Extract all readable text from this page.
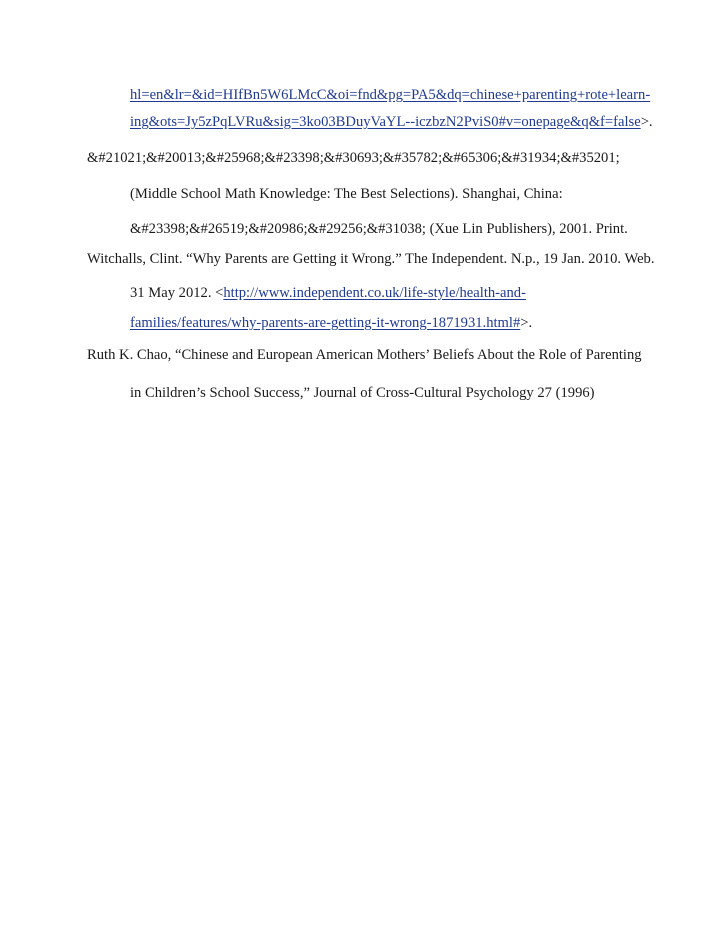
hl=en&lr=&id=HIfBn5W6LMcC&oi=fnd&pg=PA5&dq=chinese+parenting+rote+learn-
ing&ots=Jy5zPqLVRu&sig=3ko03BDuyVaYL--iczbzN2PviS0#v=onepage&q&f=false>.
&#21021;&#20013;&#25968;&#23398;&#30693;&#35782;&#65306;&#31934;&#35201;
(Middle School Math Knowledge: The Best Selections). Shanghai, China:
&#23398;&#26519;&#20986;&#29256;&#31038; (Xue Lin Publishers), 2001. Print.
Witchalls, Clint. “Why Parents are Getting it Wrong.” The Independent. N.p., 19 Jan. 2010. Web.
31 May 2012. <http://www.independent.co.uk/life-style/health-and-
families/features/why-parents-are-getting-it-wrong-1871931.html#>.
Ruth K. Chao, “Chinese and European American Mothers’ Beliefs About the Role of Parenting
in Children’s School Success,” Journal of Cross-Cultural Psychology 27 (1996)
